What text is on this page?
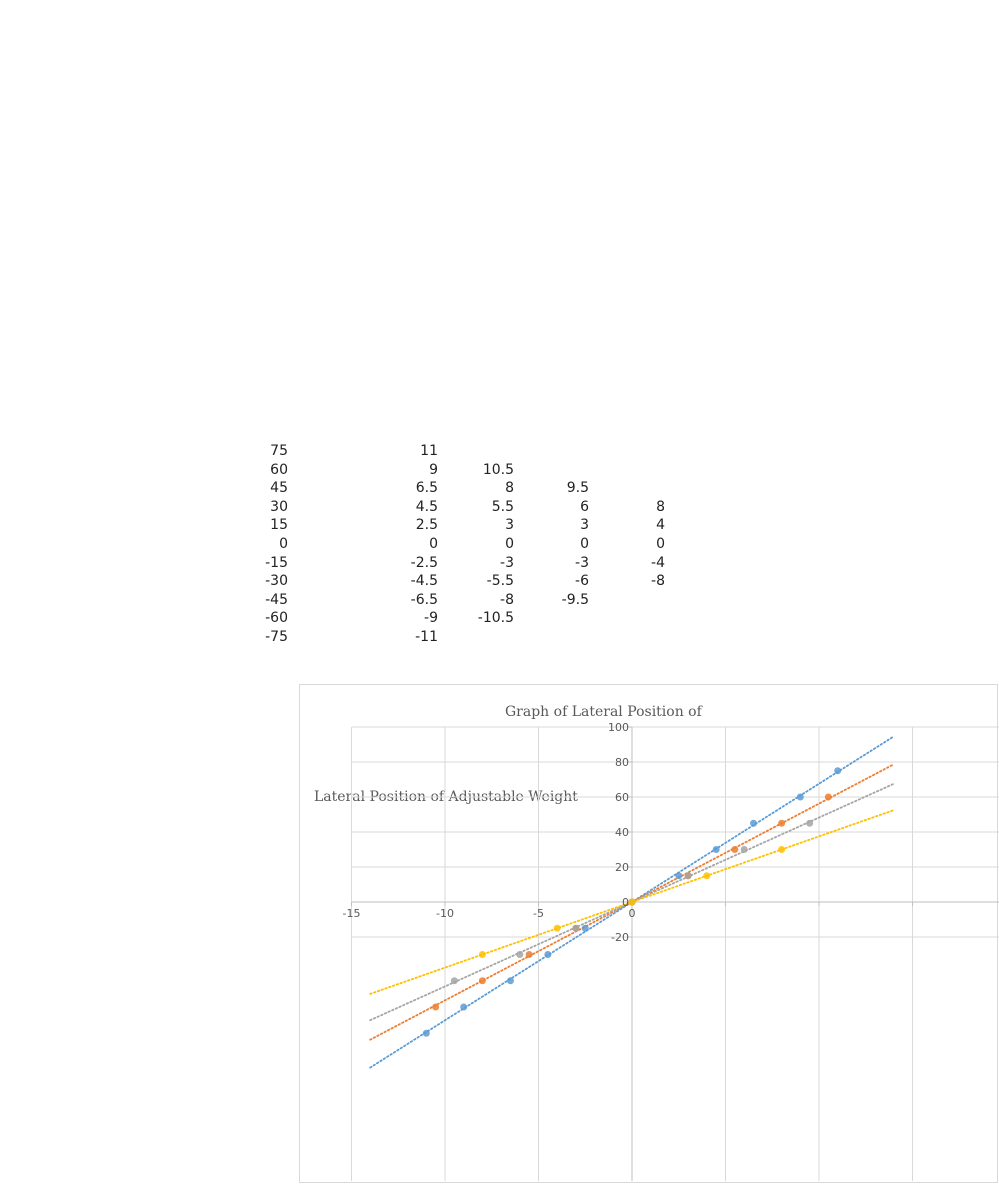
75	11
60	9	10.5
45	6.5	8	9.5
30	4.5	5.5	6	8
15	2.5	3	3	4
0	0	0	0	0
-15	-2.5	-3	-3	-4
-30	-4.5	-5.5	-6	-8
-45	-6.5	-8	-9.5
-60	-9	-10.5
-75	-11
Graph of Lateral Position of
Lateral Position of Adjustable Weight
-15	-10	-5	0
100
80
60
40
20
0
-20
